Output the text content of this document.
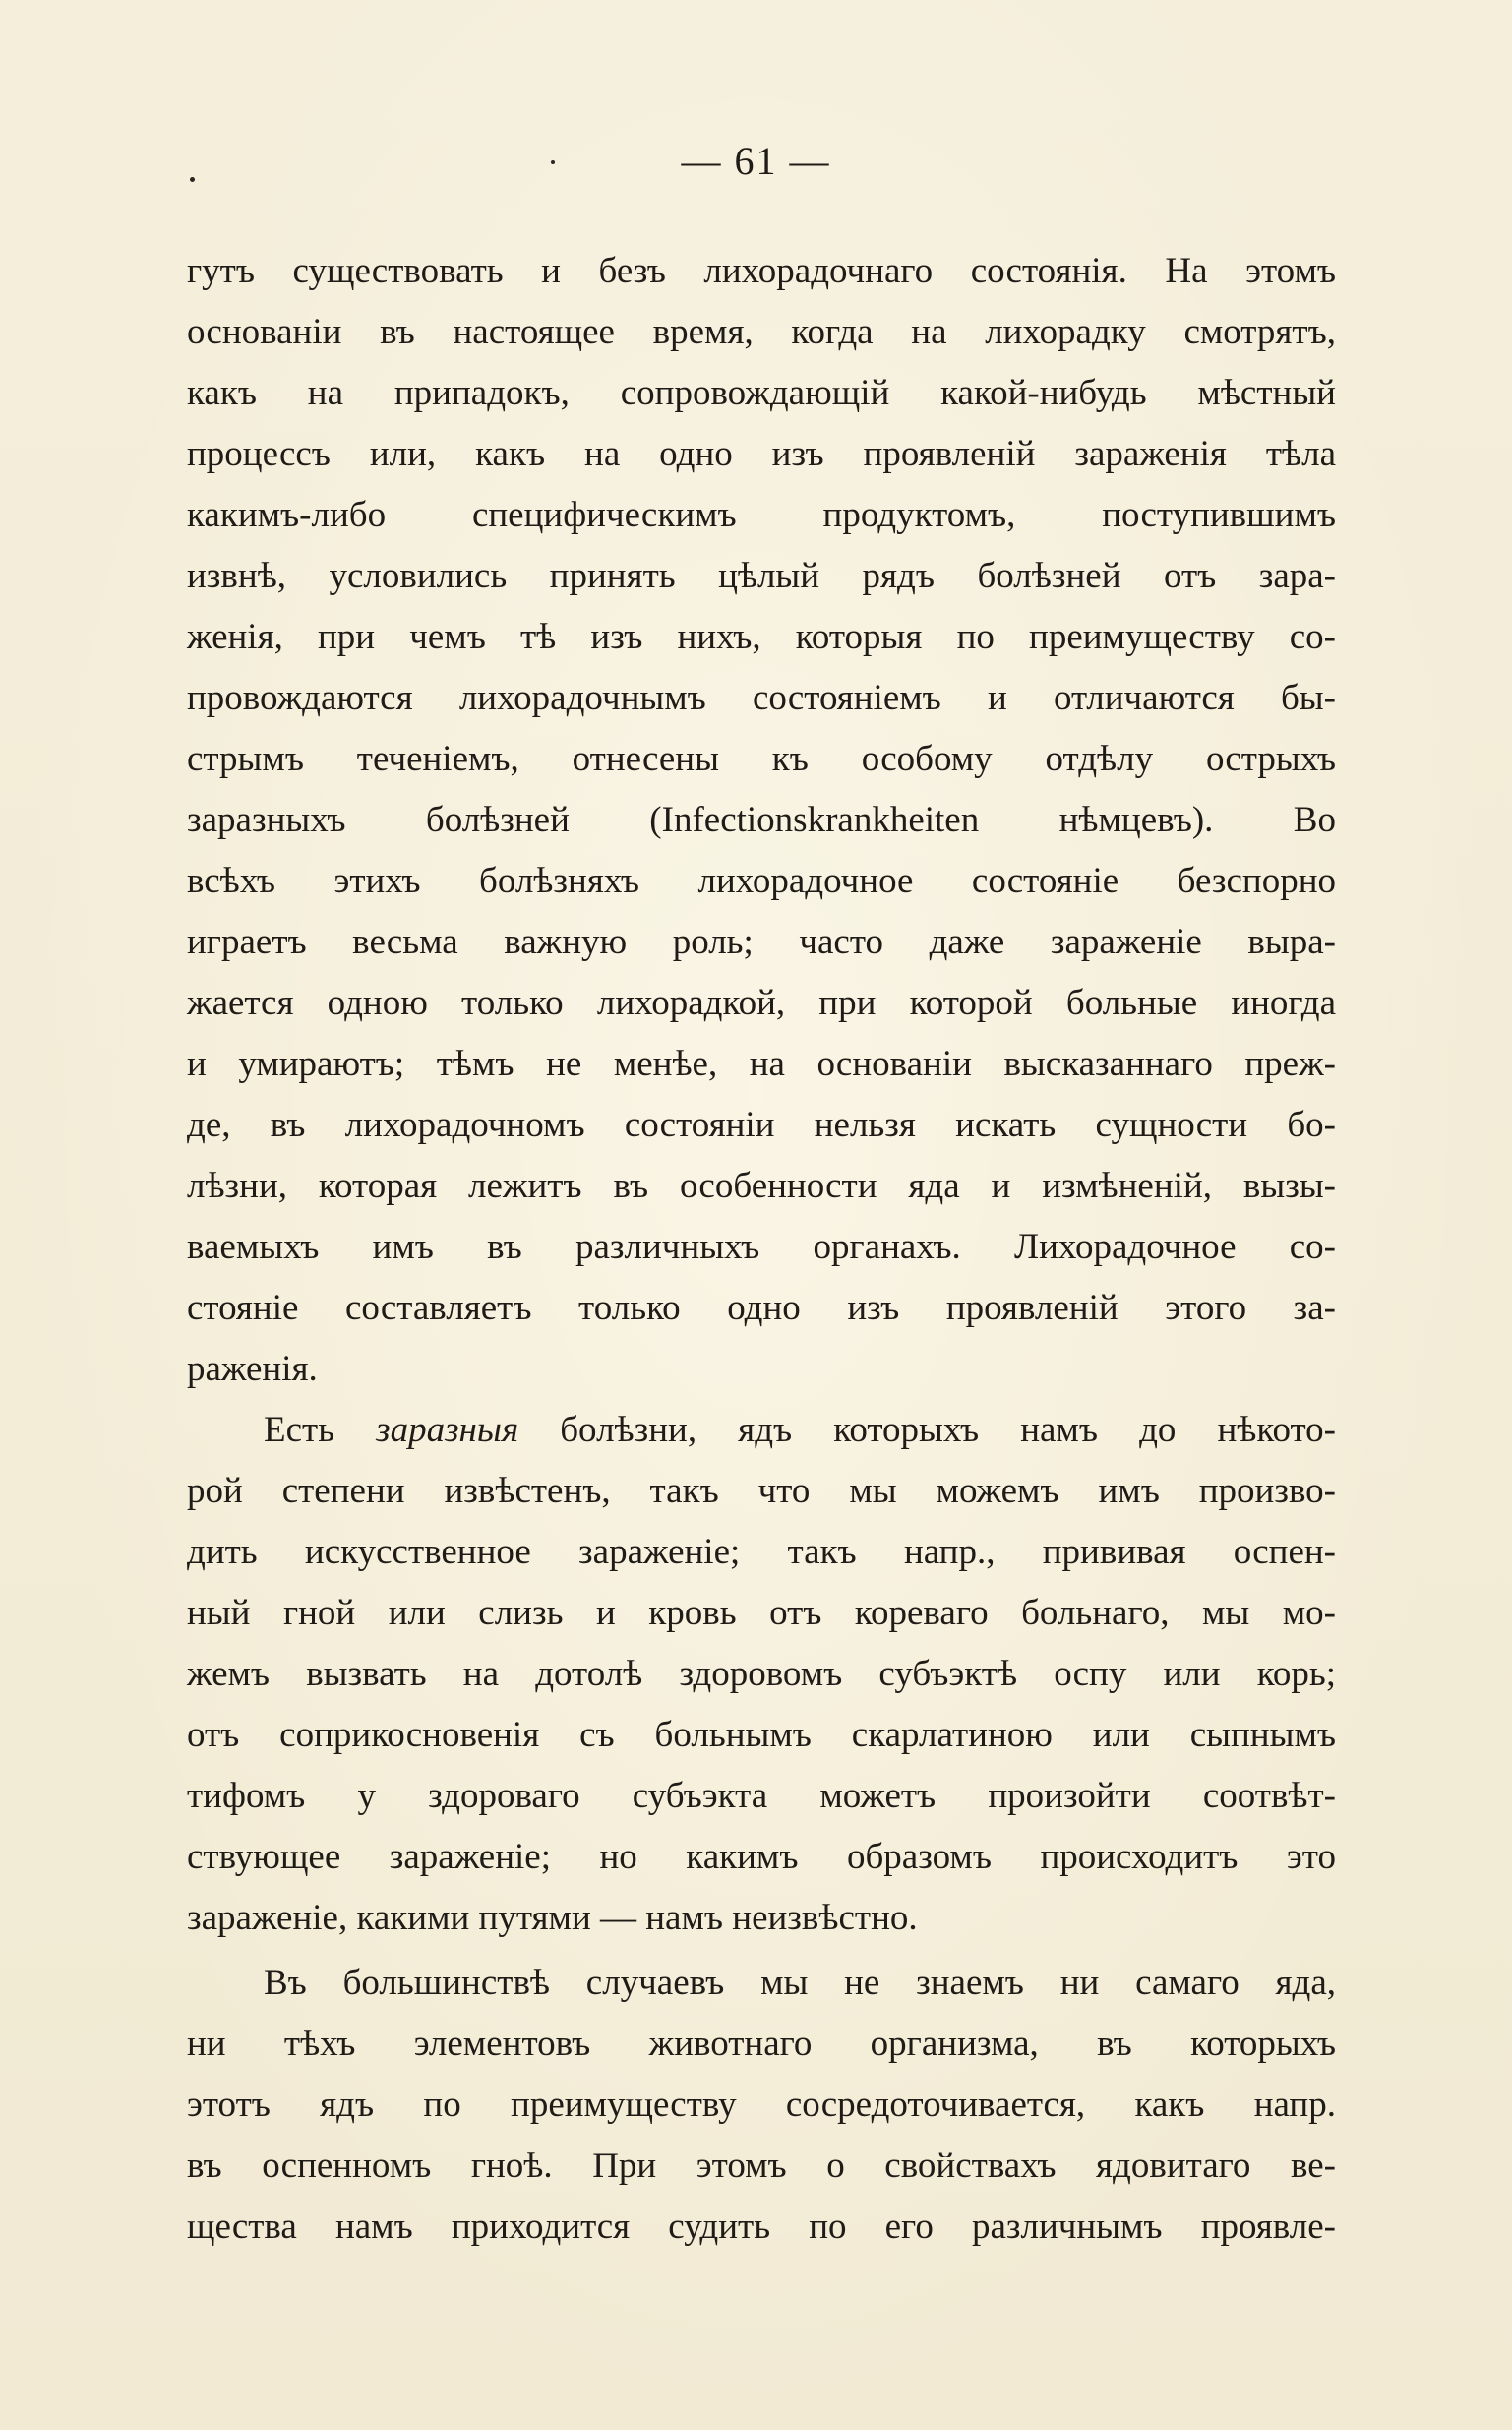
— 61 —
гутъ существовать и безъ лихорадочнаго состоянія. На этомъ
основаніи въ настоящее время, когда на лихорадку смотрятъ,
какъ на припадокъ, сопровождающій какой-нибудь мѣстный
процессъ или, какъ на одно изъ проявленій зараженія тѣла
какимъ-либо специфическимъ продуктомъ, поступившимъ
извнѣ, условились принять цѣлый рядъ болѣзней отъ зара-
женія, при чемъ тѣ изъ нихъ, которыя по преимуществу со-
провождаются лихорадочнымъ состояніемъ и отличаются бы-
стрымъ теченіемъ, отнесены къ особому отдѣлу острыхъ
заразныхъ болѣзней (Infectionskrankheiten нѣмцевъ). Во
всѣхъ этихъ болѣзняхъ лихорадочное состояніе безспорно
играетъ весьма важную роль; часто даже зараженіе выра-
жается одною только лихорадкой, при которой больные иногда
и умираютъ; тѣмъ не менѣе, на основаніи высказаннаго преж-
де, въ лихорадочномъ состояніи нельзя искать сущности бо-
лѣзни, которая лежитъ въ особенности яда и измѣненій, вызы-
ваемыхъ имъ въ различныхъ органахъ. Лихорадочное со-
стояніе составляетъ только одно изъ проявленій этого за-
раженія.
Есть заразныя болѣзни, ядъ которыхъ намъ до нѣкото-
рой степени извѣстенъ, такъ что мы можемъ имъ произво-
дить искусственное зараженіе; такъ напр., прививая оспен-
ный гной или слизь и кровь отъ кореваго больнаго, мы мо-
жемъ вызвать на дотолѣ здоровомъ субъэктѣ оспу или корь;
отъ соприкосновенія съ больнымъ скарлатиною или сыпнымъ
тифомъ у здороваго субъэкта можетъ произойти соотвѣт-
ствующее зараженіе; но какимъ образомъ происходитъ это
зараженіе, какими путями — намъ неизвѣстно.
Въ большинствѣ случаевъ мы не знаемъ ни самаго яда,
ни тѣхъ элементовъ животнаго организма, въ которыхъ
этотъ ядъ по преимуществу сосредоточивается, какъ напр.
въ оспенномъ гноѣ. При этомъ о свойствахъ ядовитаго ве-
щества намъ приходится судить по его различнымъ проявле-
